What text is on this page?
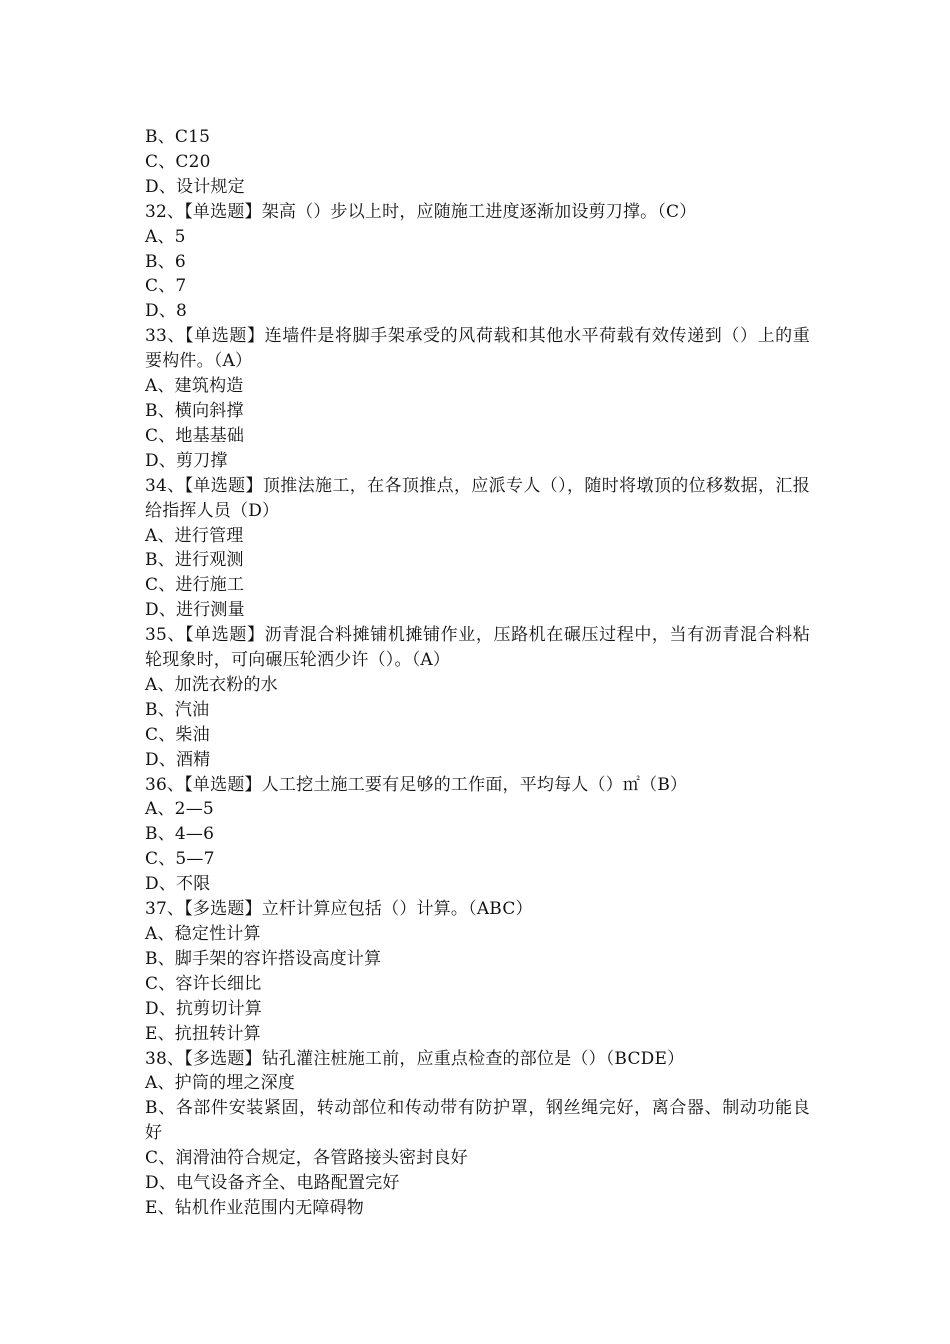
B、C15

C、C20

D、设计规定

32、【单选题】架高（）步以上时，应随施工进度逐渐加设剪刀撑。（C）

A、5

B、6

C、7

D、8

33、【单选题】连墙件是将脚手架承受的风荷载和其他水平荷载有效传递到（）上的重要构件。（A）

A、建筑构造

B、横向斜撑

C、地基基础

D、剪刀撑

34、【单选题】顶推法施工，在各顶推点，应派专人（），随时将墩顶的位移数据，汇报给指挥人员（D）

A、进行管理

B、进行观测

C、进行施工

D、进行测量

35、【单选题】沥青混合料摊铺机摊铺作业，压路机在碾压过程中，当有沥青混合料粘轮现象时，可向碾压轮洒少许（）。（A）

A、加洗衣粉的水

B、汽油

C、柴油

D、酒精

36、【单选题】人工挖土施工要有足够的工作面，平均每人（）㎡（B）

A、2—5

B、4—6

C、5—7

D、不限

37、【多选题】立杆计算应包括（）计算。（ABC）

A、稳定性计算

B、脚手架的容许搭设高度计算

C、容许长细比

D、抗剪切计算

E、抗扭转计算

38、【多选题】钻孔灌注桩施工前，应重点检查的部位是（）（BCDE）

A、护筒的埋之深度

B、各部件安装紧固，转动部位和传动带有防护罩，钢丝绳完好，离合器、制动功能良好

C、润滑油符合规定，各管路接头密封良好

D、电气设备齐全、电路配置完好

E、钻机作业范围内无障碍物
